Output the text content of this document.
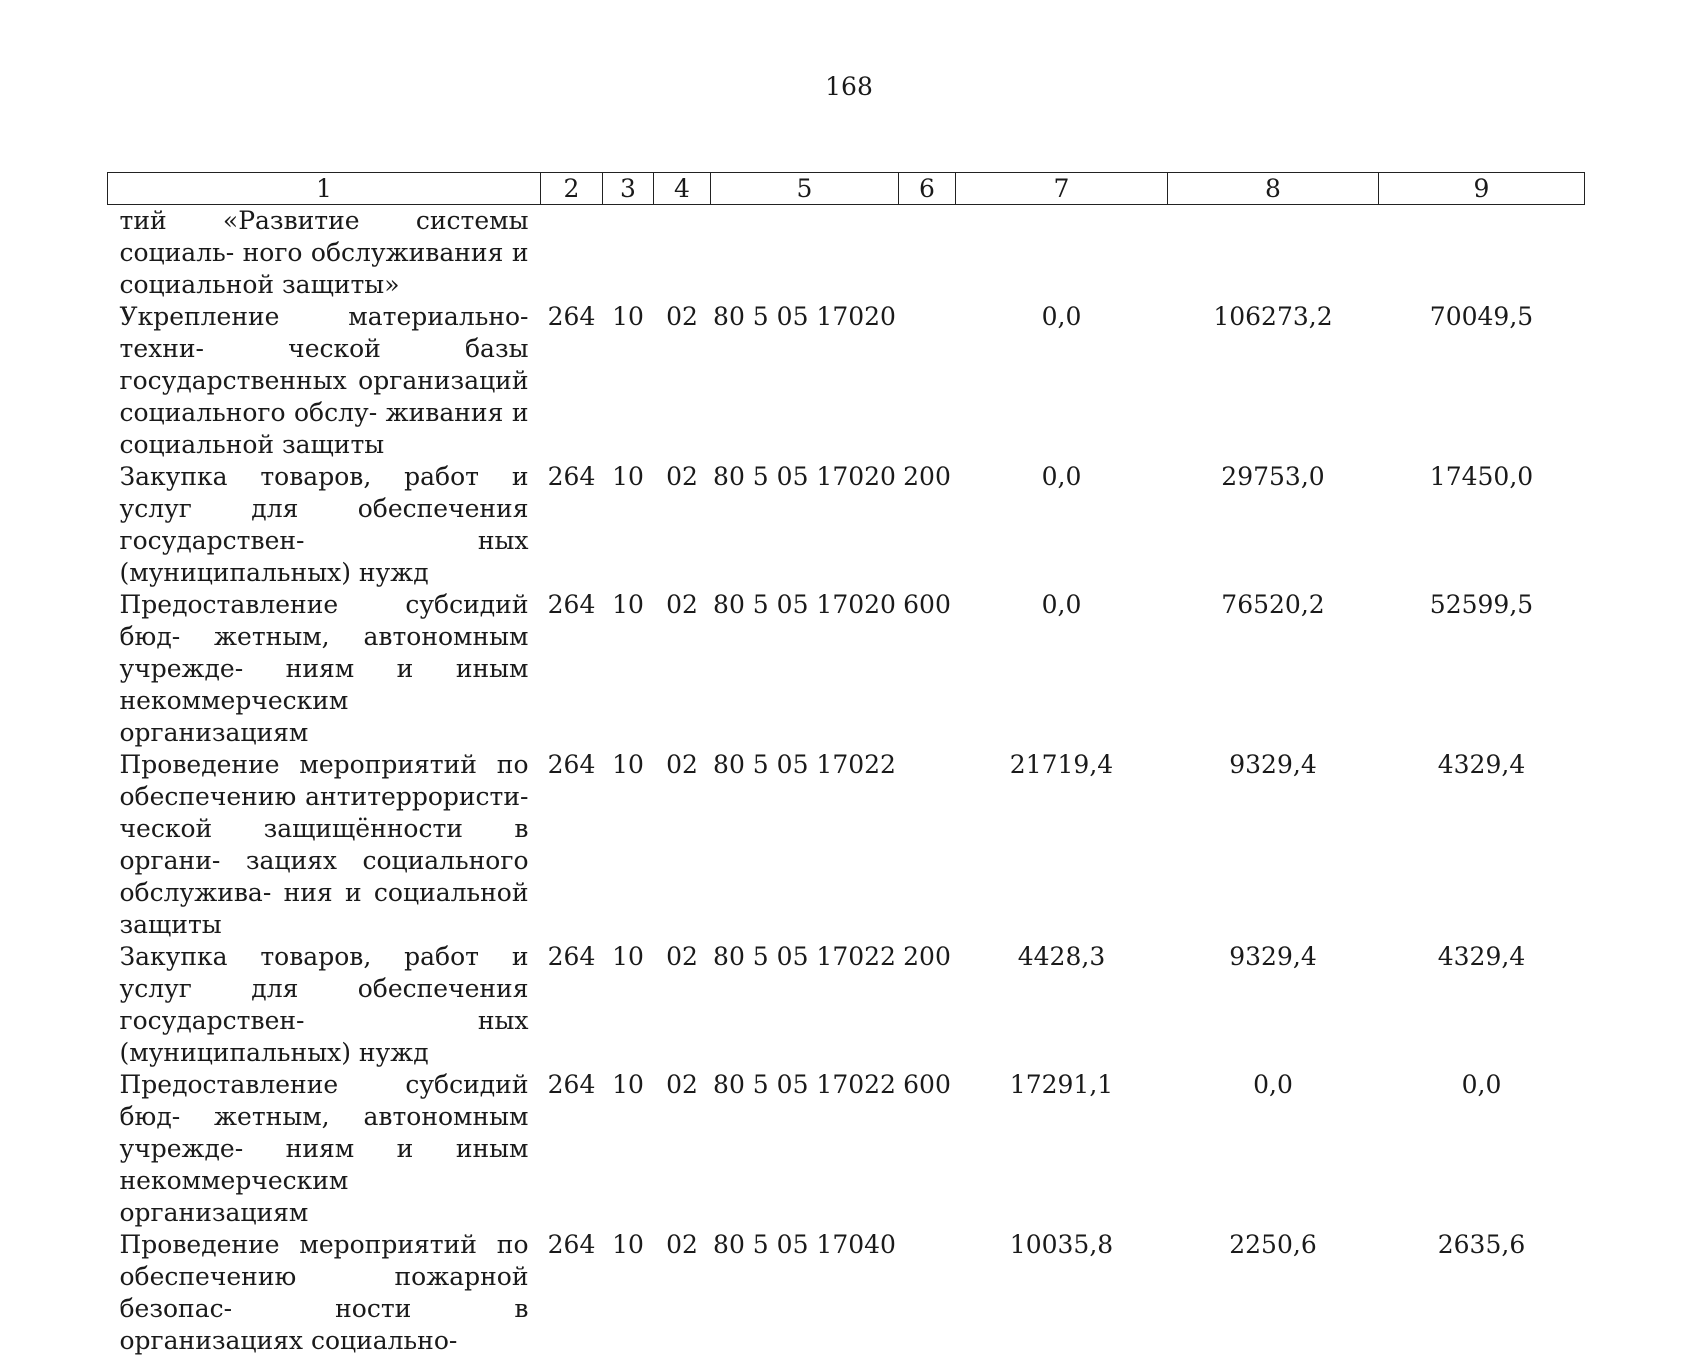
168
1	2	3	4	5	6	7	8	9
тий «Развитие системы социаль- ного обслуживания и социальной защиты»								
Укрепление материально-техни- ческой базы государственных организаций социального обслу- живания и социальной защиты	264	10	02	80 5 05 17020		0,0	106273,2	70049,5
Закупка товаров, работ и услуг для обеспечения государствен- ных (муниципальных) нужд	264	10	02	80 5 05 17020	200	0,0	29753,0	17450,0
Предоставление субсидий бюд- жетным, автономным учрежде- ниям и иным некоммерческим организациям	264	10	02	80 5 05 17020	600	0,0	76520,2	52599,5
Проведение мероприятий по обеспечению антитеррористи- ческой защищённости в органи- зациях социального обслужива- ния и социальной защиты	264	10	02	80 5 05 17022		21719,4	9329,4	4329,4
Закупка товаров, работ и услуг для обеспечения государствен- ных (муниципальных) нужд	264	10	02	80 5 05 17022	200	4428,3	9329,4	4329,4
Предоставление субсидий бюд- жетным, автономным учрежде- ниям и иным некоммерческим организациям	264	10	02	80 5 05 17022	600	17291,1	0,0	0,0
Проведение мероприятий по обеспечению пожарной безопас- ности в организациях социально-	264	10	02	80 5 05 17040		10035,8	2250,6	2635,6
